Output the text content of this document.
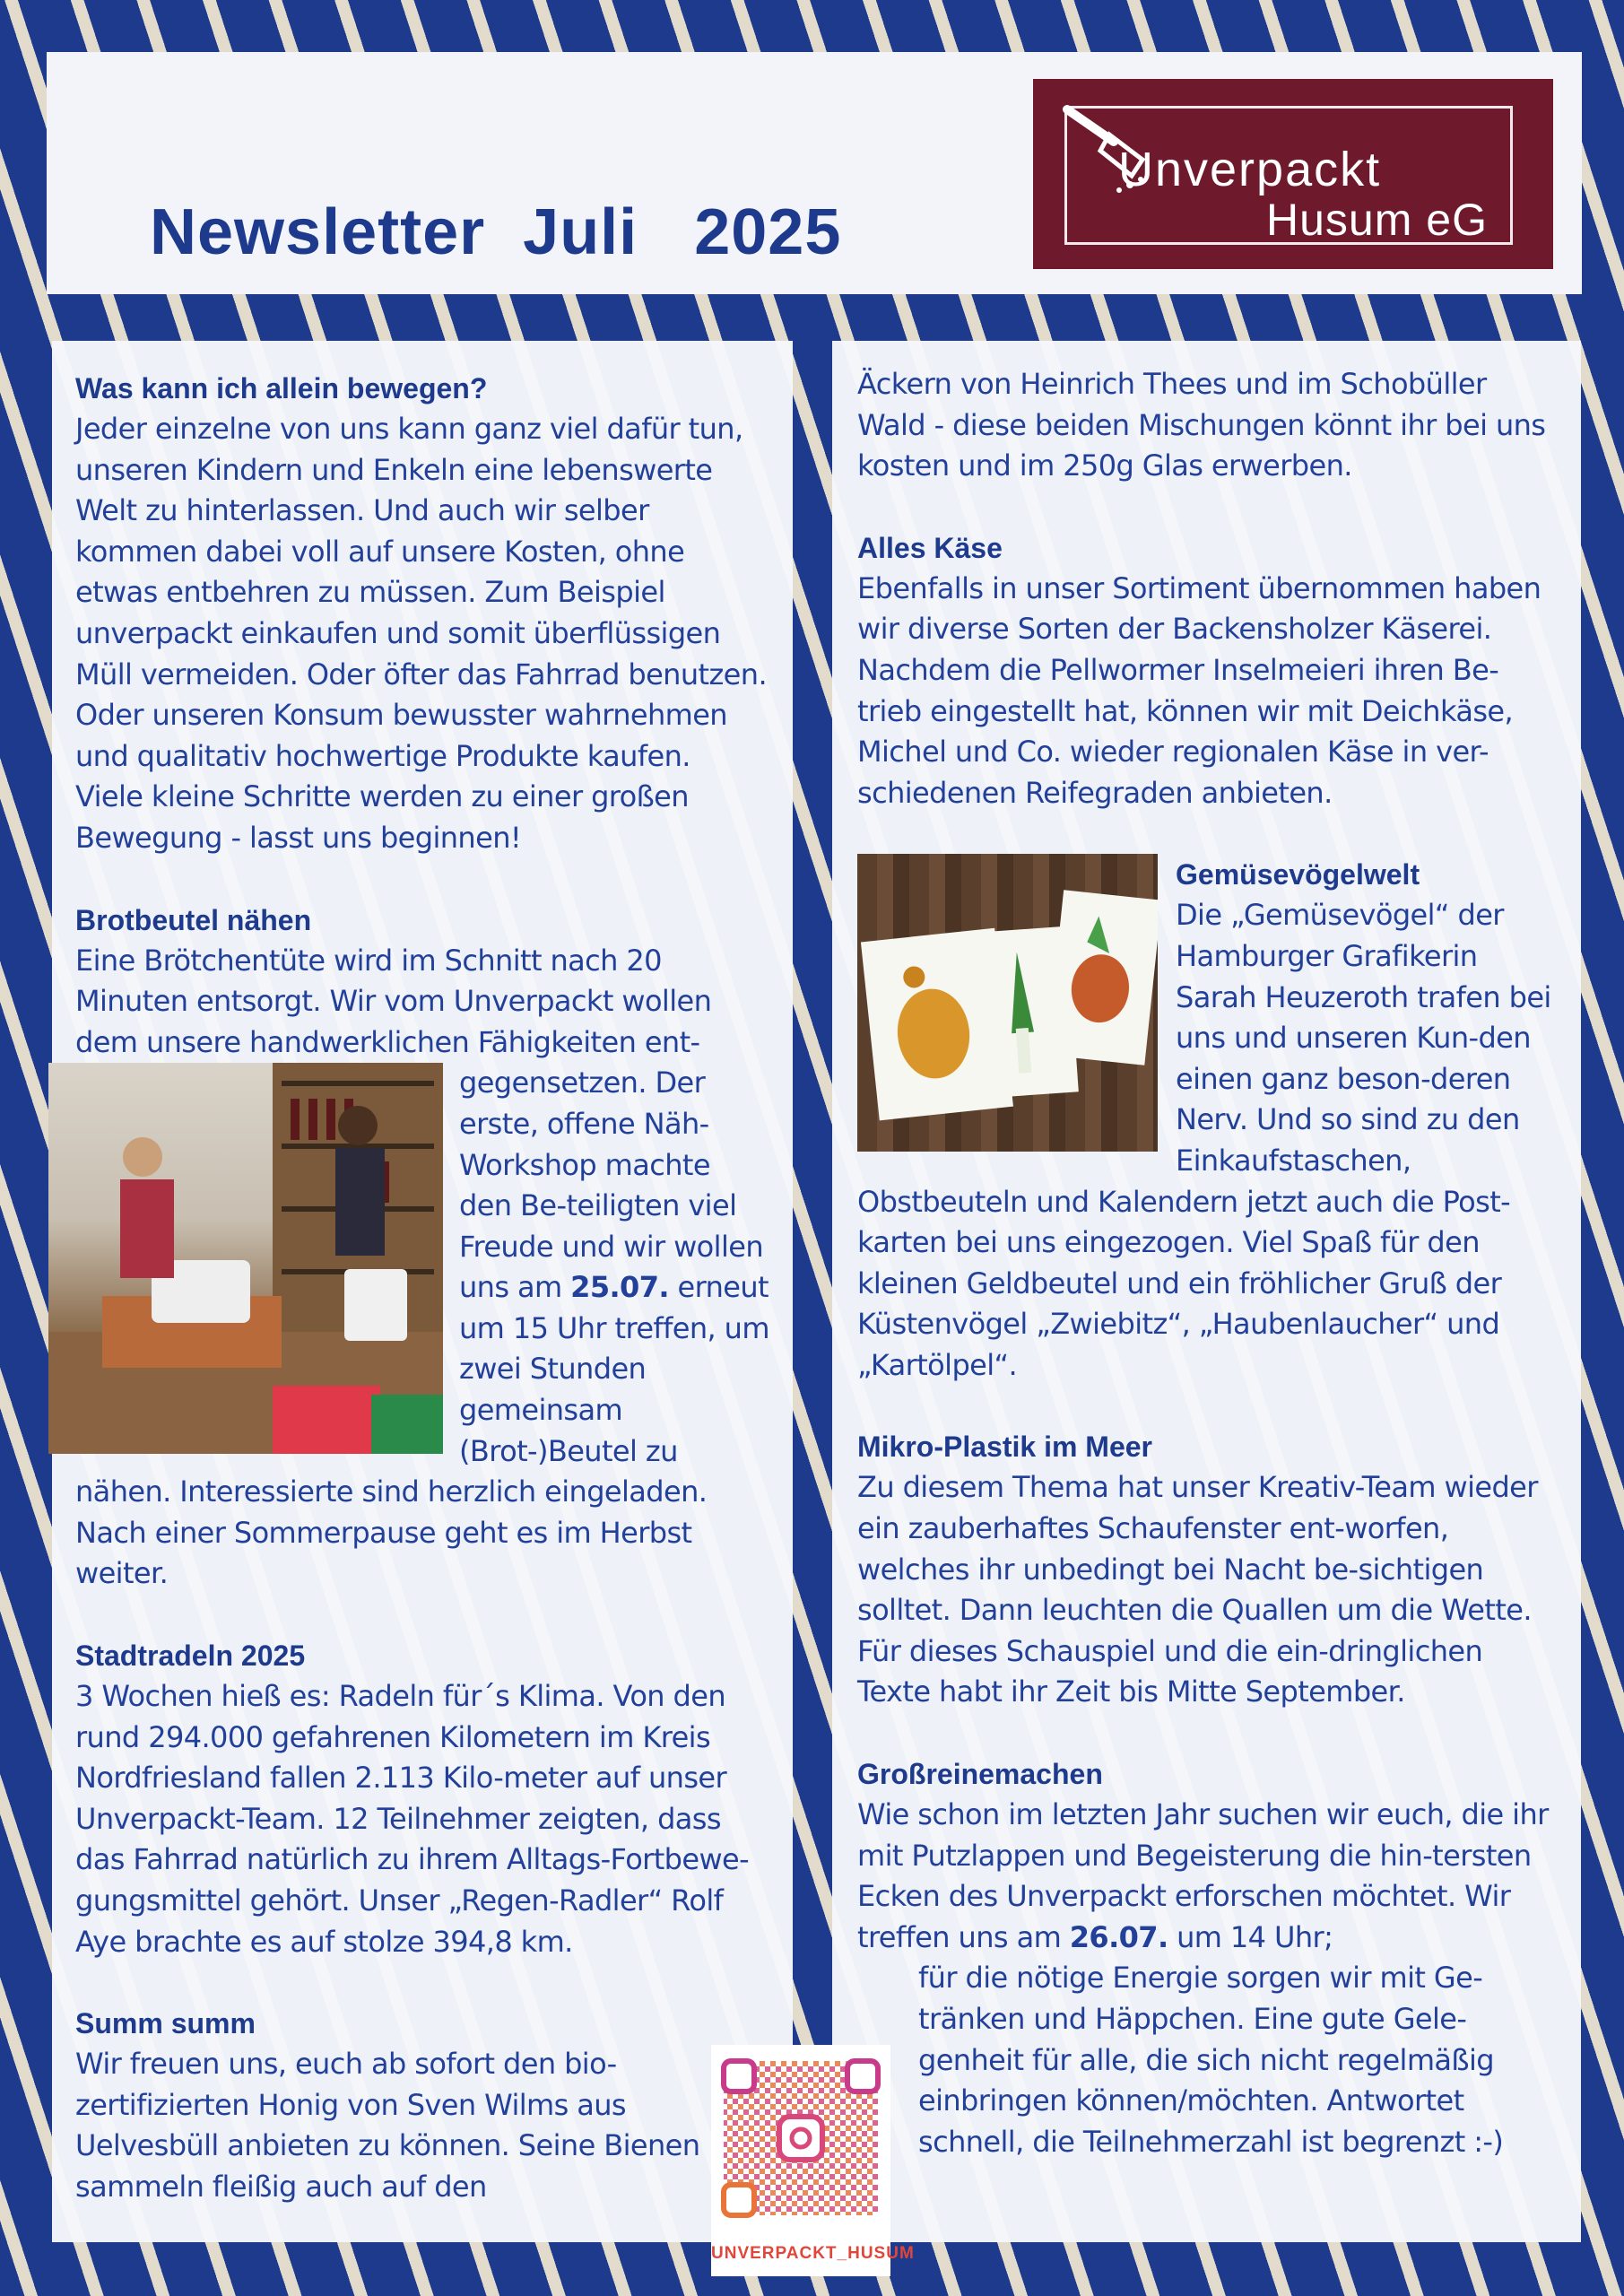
Newsletter  Juli   2025
Unverpackt
Husum eG
Was kann ich allein bewegen?

Jeder einzelne von uns kann ganz viel dafür tun, unseren Kindern und Enkeln eine lebenswerte Welt zu hinterlassen. Und auch wir selber kommen dabei voll auf unsere Kosten, ohne etwas entbehren zu müssen. Zum Beispiel unverpackt einkaufen und somit überflüssigen Müll vermeiden. Oder öfter das Fahrrad benutzen. Oder unseren Konsum bewusster wahrnehmen und qualitativ hochwertige Produkte kaufen.

Viele kleine Schritte werden zu einer großen Bewegung - lasst uns beginnen!

Brotbeutel nähen

Eine Brötchentüte wird im Schnitt nach 20 Minuten entsorgt. Wir vom Unverpackt wollen dem unsere handwerklichen Fähigkeiten ent-

gegensetzen. Der erste, offene Näh-Workshop machte den Be-teiligten viel Freude und wir wollen uns am 25.07. erneut um 15 Uhr treffen, um zwei Stunden gemeinsam (Brot-)Beutel zu nähen. Interessierte sind herzlich eingeladen. Nach einer Sommerpause geht es im Herbst weiter.

Stadtradeln 2025

3 Wochen hieß es: Radeln für´s Klima. Von den rund 294.000 gefahrenen Kilometern im Kreis Nordfriesland fallen 2.113 Kilo-meter auf unser Unverpackt-Team. 12 Teilnehmer zeigten, dass das Fahrrad natürlich zu ihrem Alltags-Fortbewe-gungsmittel gehört. Unser „Regen-Radler“ Rolf Aye brachte es auf stolze 394,8 km.

Summ summ

Wir freuen uns, euch ab sofort den bio-zertifizierten Honig von Sven Wilms aus Uelvesbüll anbieten zu können. Seine Bienen sammeln fleißig auch auf den

Äckern von Heinrich Thees und im Schobüller Wald - diese beiden Mischungen könnt ihr bei uns kosten und im 250g Glas erwerben.

Alles Käse

Ebenfalls in unser Sortiment übernommen haben wir diverse Sorten der Backensholzer Käserei.

Nachdem die Pellwormer Inselmeieri ihren Be-trieb eingestellt hat, können wir mit Deichkäse, Michel und Co. wieder regionalen Käse in ver-schiedenen Reifegraden anbieten.

Gemüsevögelwelt

Die „Gemüsevögel“ der Hamburger Grafikerin Sarah Heuzeroth trafen bei uns und unseren Kun-den einen ganz beson-deren Nerv. Und so sind zu den Einkaufstaschen, Obstbeuteln und Kalendern jetzt auch die Post-karten bei uns eingezogen. Viel Spaß für den kleinen Geldbeutel und ein fröhlicher Gruß der Küstenvögel „Zwiebitz“, „Haubenlaucher“ und „Kartölpel“.

Mikro-Plastik im Meer

Zu diesem Thema hat unser Kreativ-Team wieder ein zauberhaftes Schaufenster ent-worfen, welches ihr unbedingt bei Nacht be-sichtigen solltet. Dann leuchten die Quallen um die Wette. Für dieses Schauspiel und die ein-dringlichen Texte habt ihr Zeit bis Mitte September.

Großreinemachen

Wie schon im letzten Jahr suchen wir euch, die ihr mit Putzlappen und Begeisterung die hin-tersten Ecken des Unverpackt erforschen möchtet. Wir treffen uns am 26.07. um 14 Uhr;

für die nötige Energie sorgen wir mit Ge-tränken und Häppchen. Eine gute Gele-genheit für alle, die sich nicht regelmäßig einbringen können/möchten. Antwortet schnell, die Teilnehmerzahl ist begrenzt :-)

UNVERPACKT_HUSUM
